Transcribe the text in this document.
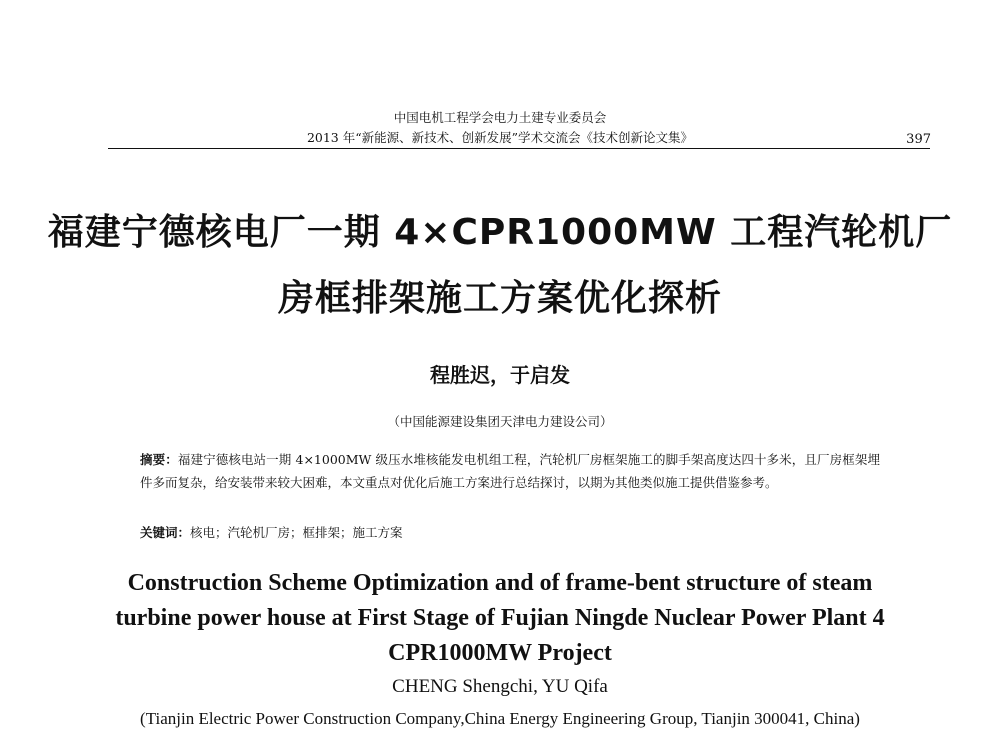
中国电机工程学会电力土建专业委员会
2013 年“新能源、新技术、创新发展”学术交流会《技术创新论文集》	397
福建宁德核电厂一期 4×CPR1000MW 工程汽轮机厂
房框排架施工方案优化探析
程胜迟，于启发
（中国能源建设集团天津电力建设公司）
摘要：福建宁德核电站一期 4×1000MW 级压水堆核能发电机组工程，汽轮机厂房框架施工的脚手架高度达四十多米，且厂房框架埋件多而复杂，给安装带来较大困难，本文重点对优化后施工方案进行总结探讨，以期为其他类似施工提供借鉴参考。
关键词：核电；汽轮机厂房；框排架；施工方案
Construction Scheme Optimization and of frame-bent structure of steam
turbine power house at First Stage of Fujian Ningde Nuclear Power Plant 4
CPR1000MW Project
CHENG Shengchi, YU Qifa
(Tianjin Electric Power Construction Company,China Energy Engineering Group, Tianjin 300041, China)
